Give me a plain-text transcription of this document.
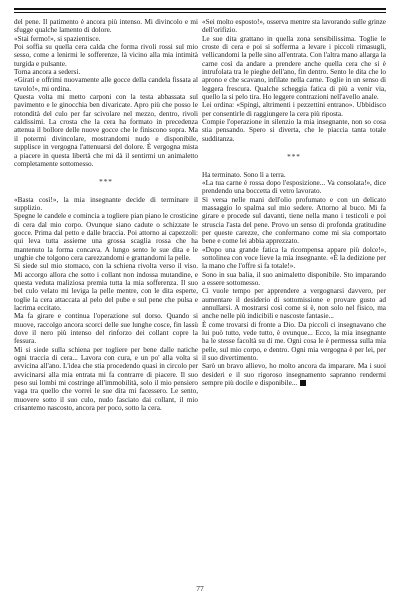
del pene. Il patimento è ancora più intenso. Mi divincolo e mi sfugge qualche lamento di dolore.

«Stai fermo!», si spazientisce.

Poi soffia su quella cera calda che forma rivoli rossi sul mio sesso, come a lenirmi le sofferenze, là vicino alla mia intimità turgida e pulsante.

Torna ancora a sedersi.

«Girati e offrimi nuovamente alle gocce della candela fissata al tavolo!», mi ordina.

Questa volta mi metto carponi con la testa abbassata sul pavimento e le ginocchia ben divaricate. Apro più che posso le rotondità del culo per far scivolare nel mezzo, dentro, rivoli caldissimi. La crosta che la cera ha formato in precedenza attenua il bollore delle nuove gocce che le finiscono sopra. Ma il potermi divincolare, mostrandomi nudo e disponibile, supplisce in vergogna l'attenuarsi del dolore. È vergogna mista a piacere in questa libertà che mi dà il sentirmi un animaletto completamente sottomesso.

***

«Basta così!», la mia insegnante decide di terminare il supplizio.

Spegne le candele e comincia a togliere pian piano le crosticine di cera dal mio corpo. Ovunque siano cadute o schizzate le gocce. Prima dal petto e dalle braccia. Poi attorno ai capezzoli: qui leva tutta assieme una grossa scaglia rossa che ha mantenuto la forma concava. A lungo sento le sue dita e le unghie che tolgono cera carezzandomi e grattandomi la pelle.

Si siede sul mio stomaco, con la schiena rivolta verso il viso. Mi accorgo allora che sotto i collant non indossa mutandine, e questa veduta maliziosa premia tutta la mia sofferenza. Il suo bel culo velato mi leviga la pelle mentre, con le dita esperte, toglie la cera attaccata al pelo del pube e sul pene che pulsa e lacrima eccitato.

Ma fa girare e continua l'operazione sul dorso. Quando si muove, raccolgo ancora scorci delle sue lunghe cosce, fin lassù dove il nero più intenso del rinforzo dei collant copre la fessura.

Mi si siede sulla schiena per togliere per bene dalle natiche ogni traccia di cera... Lavora con cura, e un po' alla volta si avvicina all'ano. L'idea che stia procedendo quasi in circolo per avvicinarsi alla mia entrata mi fa contrarre di piacere. Il suo peso sui lombi mi costringe all'immobilità, solo il mio pensiero vaga tra quello che vorrei le sue dita mi facessero. Le sento, muovere sotto il suo culo, nudo fasciato dai collant, il mio crisantemo nascosto, ancora per poco, sotto la cera.

«Sei molto esposto!», osserva mentre sta lavorando sulle grinze dell'orifizio.

Le sue dita grattano in quella zona sensibilissima. Toglie le croste di cera e poi si sofferma a levare i piccoli rimasugli, vellicandomi la pelle sino all'entrata. Con l'altra mano allarga la carne così da andare a prendere anche quella cera che si è intrufolata tra le pieghe dell'ano, fin dentro. Sento le dita che lo aprono e che scavano, infilate nella carne. Toglie in un senso di leggera frescura. Qualche scheggia fatica di più a venir via, quello la si pelo tira. Ho leggere contrazioni nell'avello anale.

Lei ordina: «Spingi, altrimenti i pezzettini entrano». Ubbidisco per consentirle di raggiungere la cera più riposta.

Compie l'operazione in silenzio la mia insegnante, non so cosa stia pensando. Spero si diverta, che le piaccia tanta totale sudditanza.

***

Ha terminato. Sono lì a terra.

«La tua carne è rossa dopo l'esposizione... Va consolata!», dice prendendo una boccetta di vetro lavorato.

Si versa nelle mani dell'olio profumato e con un delicato massaggio lo spalma sul mio sedere. Attorno al buco. Mi fa girare e procede sul davanti, tiene nella mano i testicoli e poi struscia l'asta del pene. Provo un senso di profonda gratitudine per queste carezze, che confermano come mi sia comportato bene e come lei abbia apprezzato.

«Dopo una grande fatica la ricompensa appare più dolce!», sottolinea con voce lieve la mia insegnante. «È la dedizione per la mano che l'offre si fa totale!».

Sono in sua balia, il suo animaletto disponibile. Sto imparando a essere sottomesso.

Ci vuole tempo per apprendere a vergognarsi davvero, per aumentare il desiderio di sottomissione e provare gusto ad annullarsi. A mostrarsi così come si è, non solo nel fisico, ma anche nelle più indicibili e nascoste fantasie...

È come trovarsi di fronte a Dio. Da piccoli ci insegnavano che lui può tutto, vede tutto, è ovunque... Ecco, la mia insegnante ha le stesse facoltà su di me. Ogni cosa le è permessa sulla mia pelle, sul mio corpo, e dentro. Ogni mia vergogna è per lei, per il suo divertimento.

Sarò un bravo allievo, ho molto ancora da imparare. Ma i suoi desideri e il suo rigoroso insegnamento sapranno rendermi sempre più docile e disponibile...

77
